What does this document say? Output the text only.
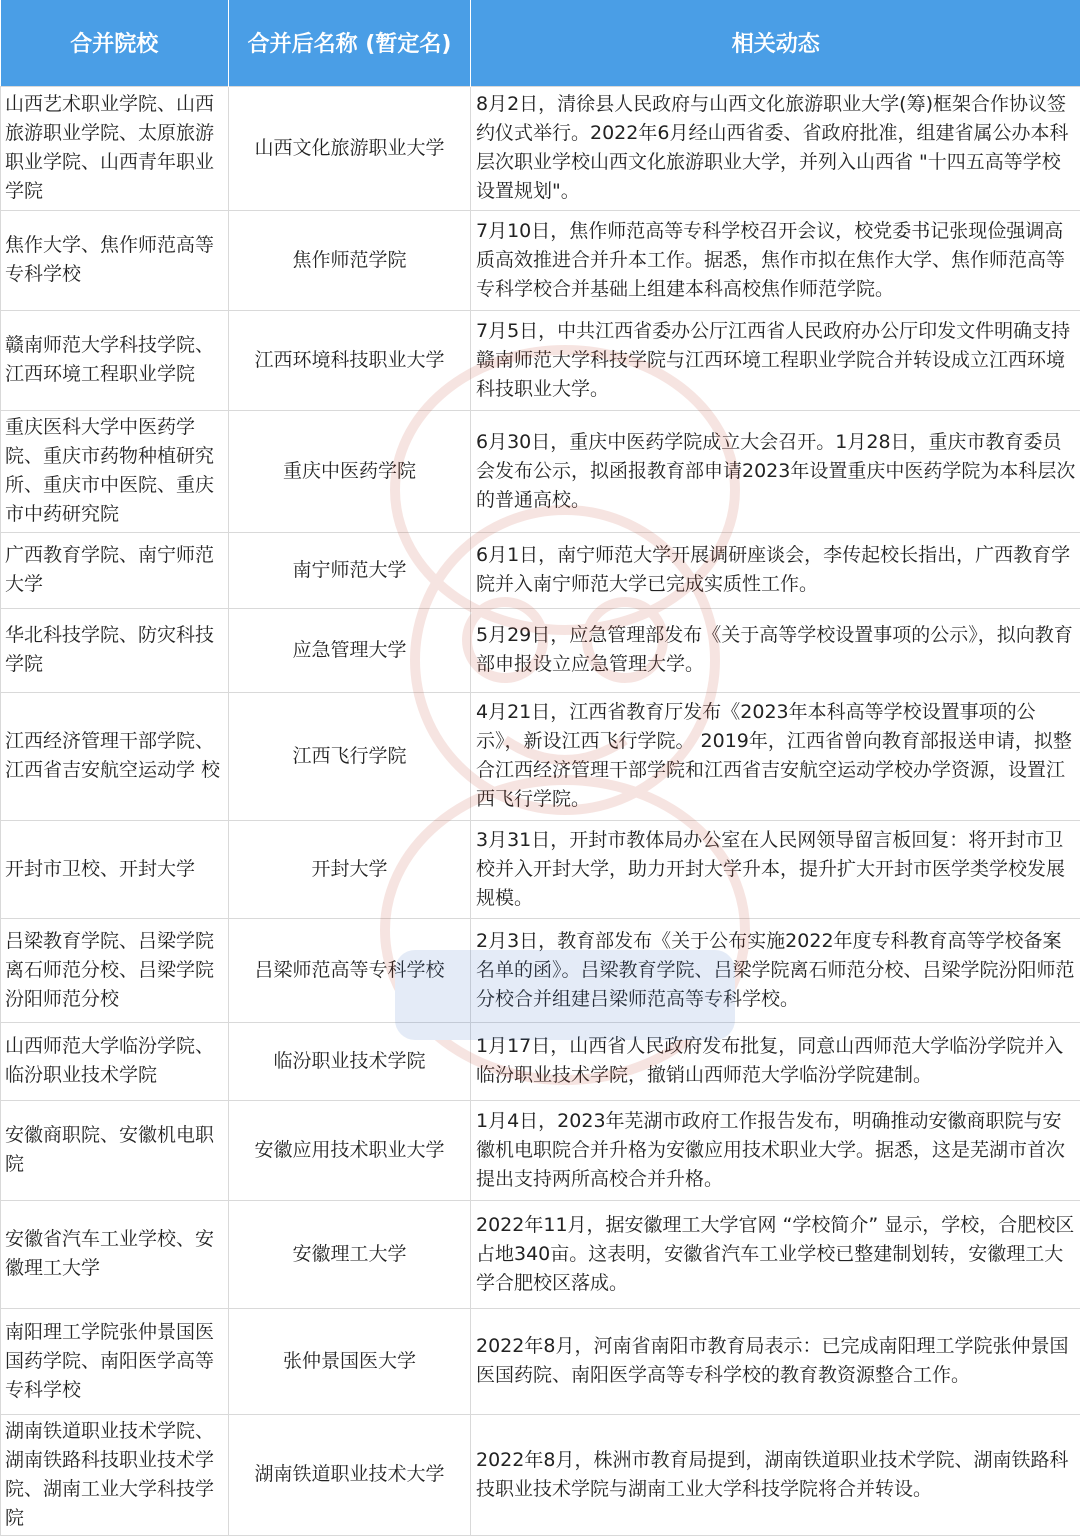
合并院校	合并后名称 (暂定名)	相关动态
山西艺术职业学院、山西旅游职业学院、太原旅游职业学院、山西青年职业学院	山西文化旅游职业大学	8月2日，清徐县人民政府与山西文化旅游职业大学(筹)框架合作协议签约仪式举行。2022年6月经山西省委、省政府批准，组建省属公办本科层次职业学校山西文化旅游职业大学，并列入山西省 "十四五高等学校设置规划"。
焦作大学、焦作师范高等专科学校	焦作师范学院	7月10日，焦作师范高等专科学校召开会议，校党委书记张现俭强调高质高效推进合并升本工作。据悉，焦作市拟在焦作大学、焦作师范高等专科学校合并基础上组建本科高校焦作师范学院。
赣南师范大学科技学院、江西环境工程职业学院	江西环境科技职业大学	7月5日，中共江西省委办公厅江西省人民政府办公厅印发文件明确支持赣南师范大学科技学院与江西环境工程职业学院合并转设成立江西环境科技职业大学。
重庆医科大学中医药学院、重庆市药物种植研究所、重庆市中医院、重庆市中药研究院	重庆中医药学院	6月30日，重庆中医药学院成立大会召开。1月28日，重庆市教育委员会发布公示，拟函报教育部申请2023年设置重庆中医药学院为本科层次的普通高校。
广西教育学院、南宁师范大学	南宁师范大学	6月1日，南宁师范大学开展调研座谈会，李传起校长指出，广西教育学院并入南宁师范大学已完成实质性工作。
华北科技学院、防灾科技学院	应急管理大学	5月29日，应急管理部发布《关于高等学校设置事项的公示》，拟向教育部申报设立应急管理大学。
江西经济管理干部学院、江西省吉安航空运动学 校	江西飞行学院	4月21日，江西省教育厅发布《2023年本科高等学校设置事项的公示》，新设江西飞行学院。 2019年，江西省曾向教育部报送申请，拟整合江西经济管理干部学院和江西省吉安航空运动学校办学资源，设置江西飞行学院。
开封市卫校、开封大学	开封大学	3月31日，开封市教体局办公室在人民网领导留言板回复：将开封市卫校并入开封大学，助力开封大学升本，提升扩大开封市医学类学校发展规模。
吕梁教育学院、吕梁学院离石师范分校、吕梁学院汾阳师范分校	吕梁师范高等专科学校	2月3日，教育部发布《关于公布实施2022年度专科教育高等学校备案名单的函》。吕梁教育学院、吕梁学院离石师范分校、吕梁学院汾阳师范分校合并组建吕梁师范高等专科学校。
山西师范大学临汾学院、临汾职业技术学院	临汾职业技术学院	1月17日，山西省人民政府发布批复，同意山西师范大学临汾学院并入临汾职业技术学院，撤销山西师范大学临汾学院建制。
安徽商职院、安徽机电职院	安徽应用技术职业大学	1月4日，2023年芜湖市政府工作报告发布，明确推动安徽商职院与安徽机电职院合并升格为安徽应用技术职业大学。据悉，这是芜湖市首次提出支持两所高校合并升格。
安徽省汽车工业学校、安徽理工大学	安徽理工大学	2022年11月，据安徽理工大学官网 “学校简介” 显示，学校，合肥校区占地340亩。这表明，安徽省汽车工业学校已整建制划转，安徽理工大学合肥校区落成。
南阳理工学院张仲景国医国药学院、南阳医学高等专科学校	张仲景国医大学	2022年8月，河南省南阳市教育局表示：已完成南阳理工学院张仲景国医国药院、南阳医学高等专科学校的教育教资源整合工作。
湖南铁道职业技术学院、湖南铁路科技职业技术学院、湖南工业大学科技学院	湖南铁道职业技术大学	2022年8月，株洲市教育局提到，湖南铁道职业技术学院、湖南铁路科技职业技术学院与湖南工业大学科技学院将合并转设。
